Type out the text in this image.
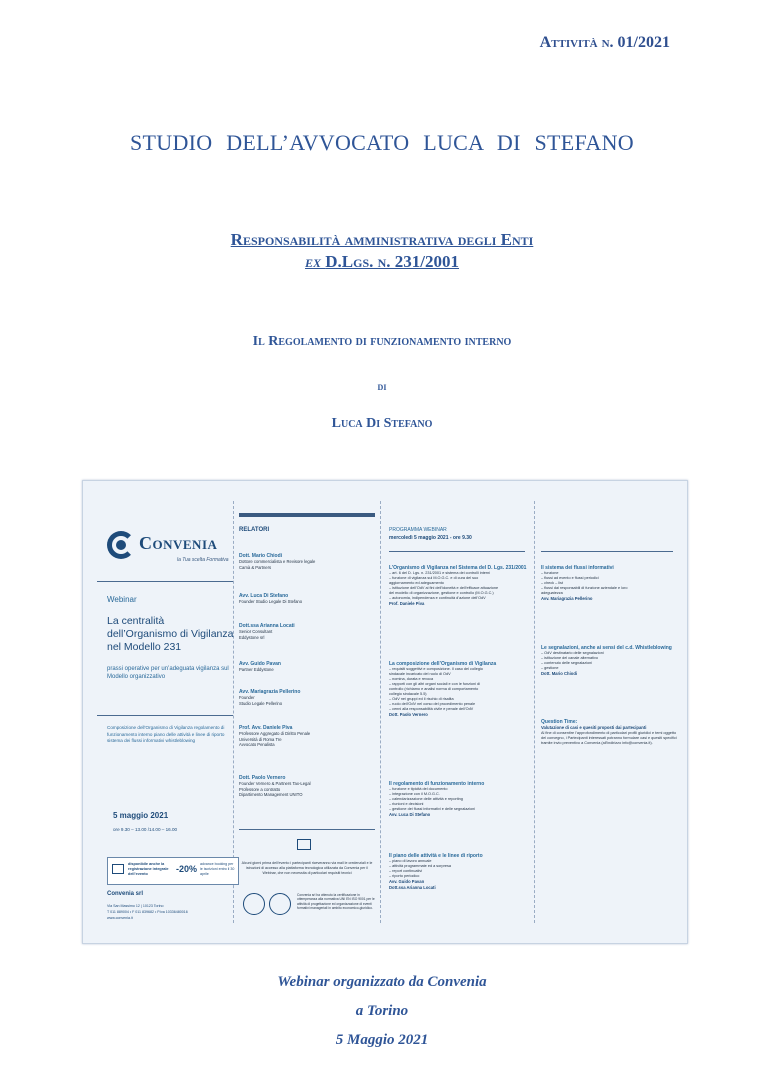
Attività n. 01/2021
STUDIO DELL’AVVOCATO LUCA DI STEFANO
Responsabilità amministrativa degli Enti
ex D.Lgs. n. 231/2001
Il Regolamento di funzionamento interno
di
Luca Di Stefano
Convenia
la Tua scelta Formativa
Webinar
La centralità dell’Organismo di Vigilanza nel Modello 231
prassi operative per un’adeguata vigilanza sul Modello organizzativo
Composizione dell’Organismo di Vigilanza regolamento di funzionamento interno piano delle attività e linee di riporto sistema dei flussi informativi whistleblowing
5 maggio 2021
ore 9.30 – 13.00 /14.00 – 16.00
disponibile anche la registrazione integrale dell’evento	-20% advance booking per le iscrizioni entro il 30 aprile
Convenia srl
Via San Massimo 12 | 10123 Torino
T 011 889004 • F 011 839682 • P.iva 10336480016
www.convenia.it
RELATORI
Dott. Mario Chiodi
Dottore commercialista e Revisore legale
Camà & Partners
Avv. Luca Di Stefano
Founder Studio Legale Di Stefano
Dott.ssa Arianna Locati
Senior Consultant
Eddystone srl
Avv. Guido Pavan
Partner Eddystone
Avv. Mariagrazia Pellerino
Founder
Studio Legale Pellerino
Prof. Avv. Daniele Piva
Professore Aggregato di Diritto Penale
Università di Roma Tre
Avvocato Penalista
Dott. Paolo Vernero
Founder Vernero & Partners Tax-Legal
Professore a contratto
Dipartimento Management UNITO
Alcuni giorni prima dell’evento i partecipanti riceveranno via mail le credenziali e le istruzioni di accesso alla piattaforma tecnologica utilizzata da Convenia per il Webinar, che non necessita di particolari requisiti tecnici
Convenia srl ha ottenuto la certificazione in ottemperanza alla normativa UNI EN ISO 9001 per le attività di progettazione ed organizzazione di eventi formativi manageriali in ambito economico-giuridico.
PROGRAMMA WEBINAR
mercoledì 5 maggio 2021 - ore 9.30
L’Organismo di Vigilanza nel Sistema del D. Lgs. 231/2001
– art. 6 del D. Lgs. n. 231/2001 e sistema dei controlli interni
– funzione di vigilanza sul M.O.G.C. e di cura del suo
aggiornamento ed adeguamento
– istituzione dell’OdV ai fini dell’idoneità e dell’efficace attuazione
del modello di organizzazione, gestione e controllo (M.O.G.C.)
– autonomia, indipendenza e continuità d’azione dell’OdV
Prof. Daniele Piva
La composizione dell’Organismo di Vigilanza
– requisiti soggettivi e composizione. Il caso del collegio
sindacale incaricato del ruolo di OdV
– nomina, durata e revoca
– rapporti con gli altri organi sociali e con le funzioni di
controllo (richiamo e analisi norma di comportamento
collegio sindacale 5.5)
– OdV nei gruppi ed il rischio di risalita
– ruolo dell’OdV nel corso del procedimento penale
– cenni alla responsabilità civile e penale dell’OdV
Dott. Paolo Vernero
Il regolamento di funzionamento interno
– funzione e tipicità del documento
– integrazione con il M.O.G.C.
– calendarizzazione delle attività e reporting
– riunioni e decisioni
– gestione dei flussi informativi e delle segnalazioni
Avv. Luca Di Stefano
Il piano delle attività e le linee di riporto
– piano di lavoro annuale
– attività programmate ed a sorpresa
– report continuativi
– riporto periodico
Avv. Guido Pavan
Dott.ssa Arianna Locati
Il sistema dei flussi informativi
– funzione
– flussi ad evento e flussi periodici
– check – list
– flussi dai responsabili di funzione aziendale e loro
adeguatezza
Avv. Mariagrazia Pellerino
Le segnalazioni, anche ai sensi del c.d. Whistleblowing
– OdV destinatario delle segnalazioni
– istituzione del canale alternativo
– contenuto delle segnalazioni
– gestione
Dott. Mario Chiodi
Question Time:
Valutazione di casi e quesiti proposti dai partecipanti
Al fine di consentire l’approfondimento di particolari profili giuridici e temi oggetto del convegno, i Partecipanti interessati potranno formulare casi e quesiti specifici tramite invio preventivo a Convenia (all’indirizzo info@convenia.it).
Webinar organizzato da Convenia
a Torino
5 Maggio 2021
